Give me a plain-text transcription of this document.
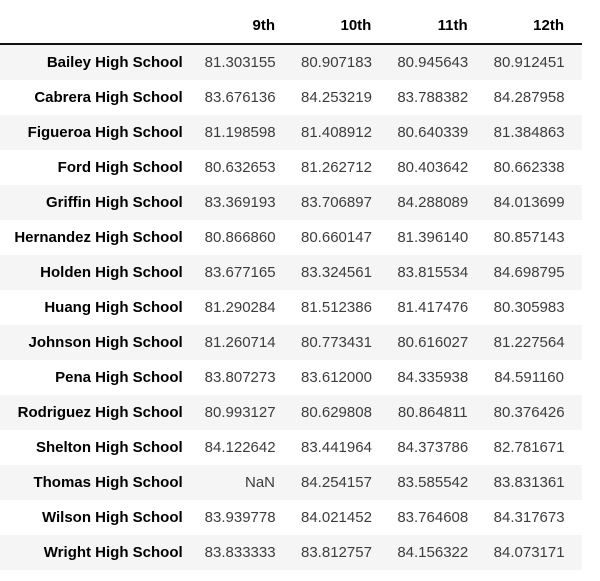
	9th	10th	11th	12th
Bailey High School	81.303155	80.907183	80.945643	80.912451
Cabrera High School	83.676136	84.253219	83.788382	84.287958
Figueroa High School	81.198598	81.408912	80.640339	81.384863
Ford High School	80.632653	81.262712	80.403642	80.662338
Griffin High School	83.369193	83.706897	84.288089	84.013699
Hernandez High School	80.866860	80.660147	81.396140	80.857143
Holden High School	83.677165	83.324561	83.815534	84.698795
Huang High School	81.290284	81.512386	81.417476	80.305983
Johnson High School	81.260714	80.773431	80.616027	81.227564
Pena High School	83.807273	83.612000	84.335938	84.591160
Rodriguez High School	80.993127	80.629808	80.864811	80.376426
Shelton High School	84.122642	83.441964	84.373786	82.781671
Thomas High School	NaN	84.254157	83.585542	83.831361
Wilson High School	83.939778	84.021452	83.764608	84.317673
Wright High School	83.833333	83.812757	84.156322	84.073171
